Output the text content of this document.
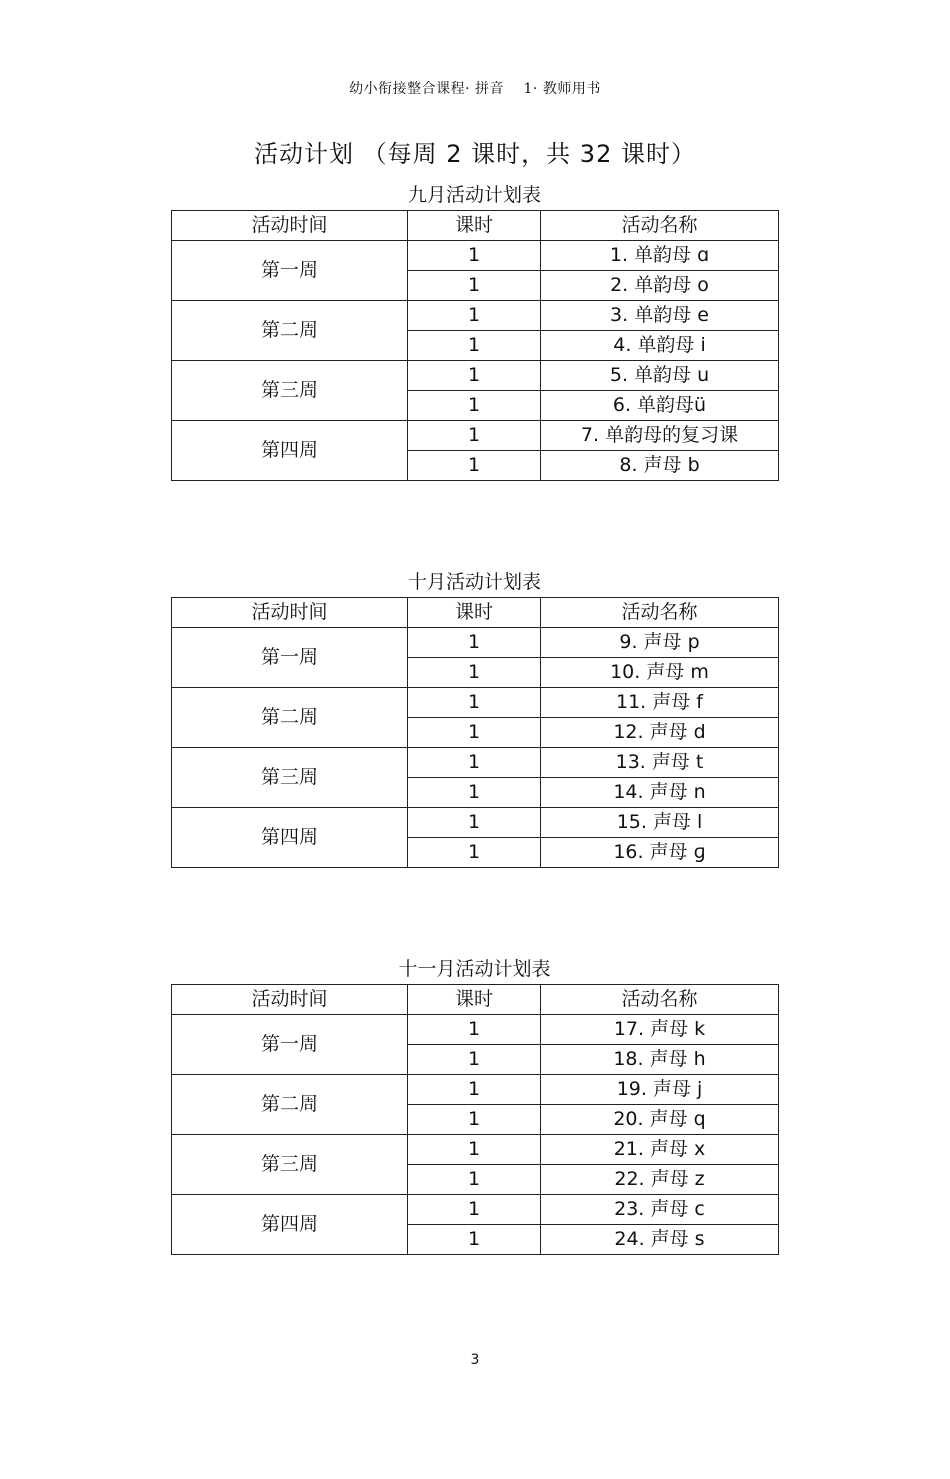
幼小衔接整合课程· 拼音　 1· 教师用书
活动计划 （每周 2 课时，共 32 课时）
九月活动计划表
活动时间	课时	活动名称
第一周	1	1. 单韵母 ɑ
	1	2. 单韵母 o
第二周	1	3. 单韵母 e
	1	4. 单韵母 i
第三周	1	5. 单韵母 u
	1	6. 单韵母ü
第四周	1	7. 单韵母的复习课
	1	8. 声母 b
十月活动计划表
活动时间	课时	活动名称
第一周	1	9. 声母 p
	1	10. 声母 m
第二周	1	11. 声母 f
	1	12. 声母 d
第三周	1	13. 声母 t
	1	14. 声母 n
第四周	1	15. 声母 l
	1	16. 声母 ɡ
十一月活动计划表
活动时间	课时	活动名称
第一周	1	17. 声母 k
	1	18. 声母 h
第二周	1	19. 声母 j
	1	20. 声母 q
第三周	1	21. 声母 x
	1	22. 声母 z
第四周	1	23. 声母 c
	1	24. 声母 s
3
